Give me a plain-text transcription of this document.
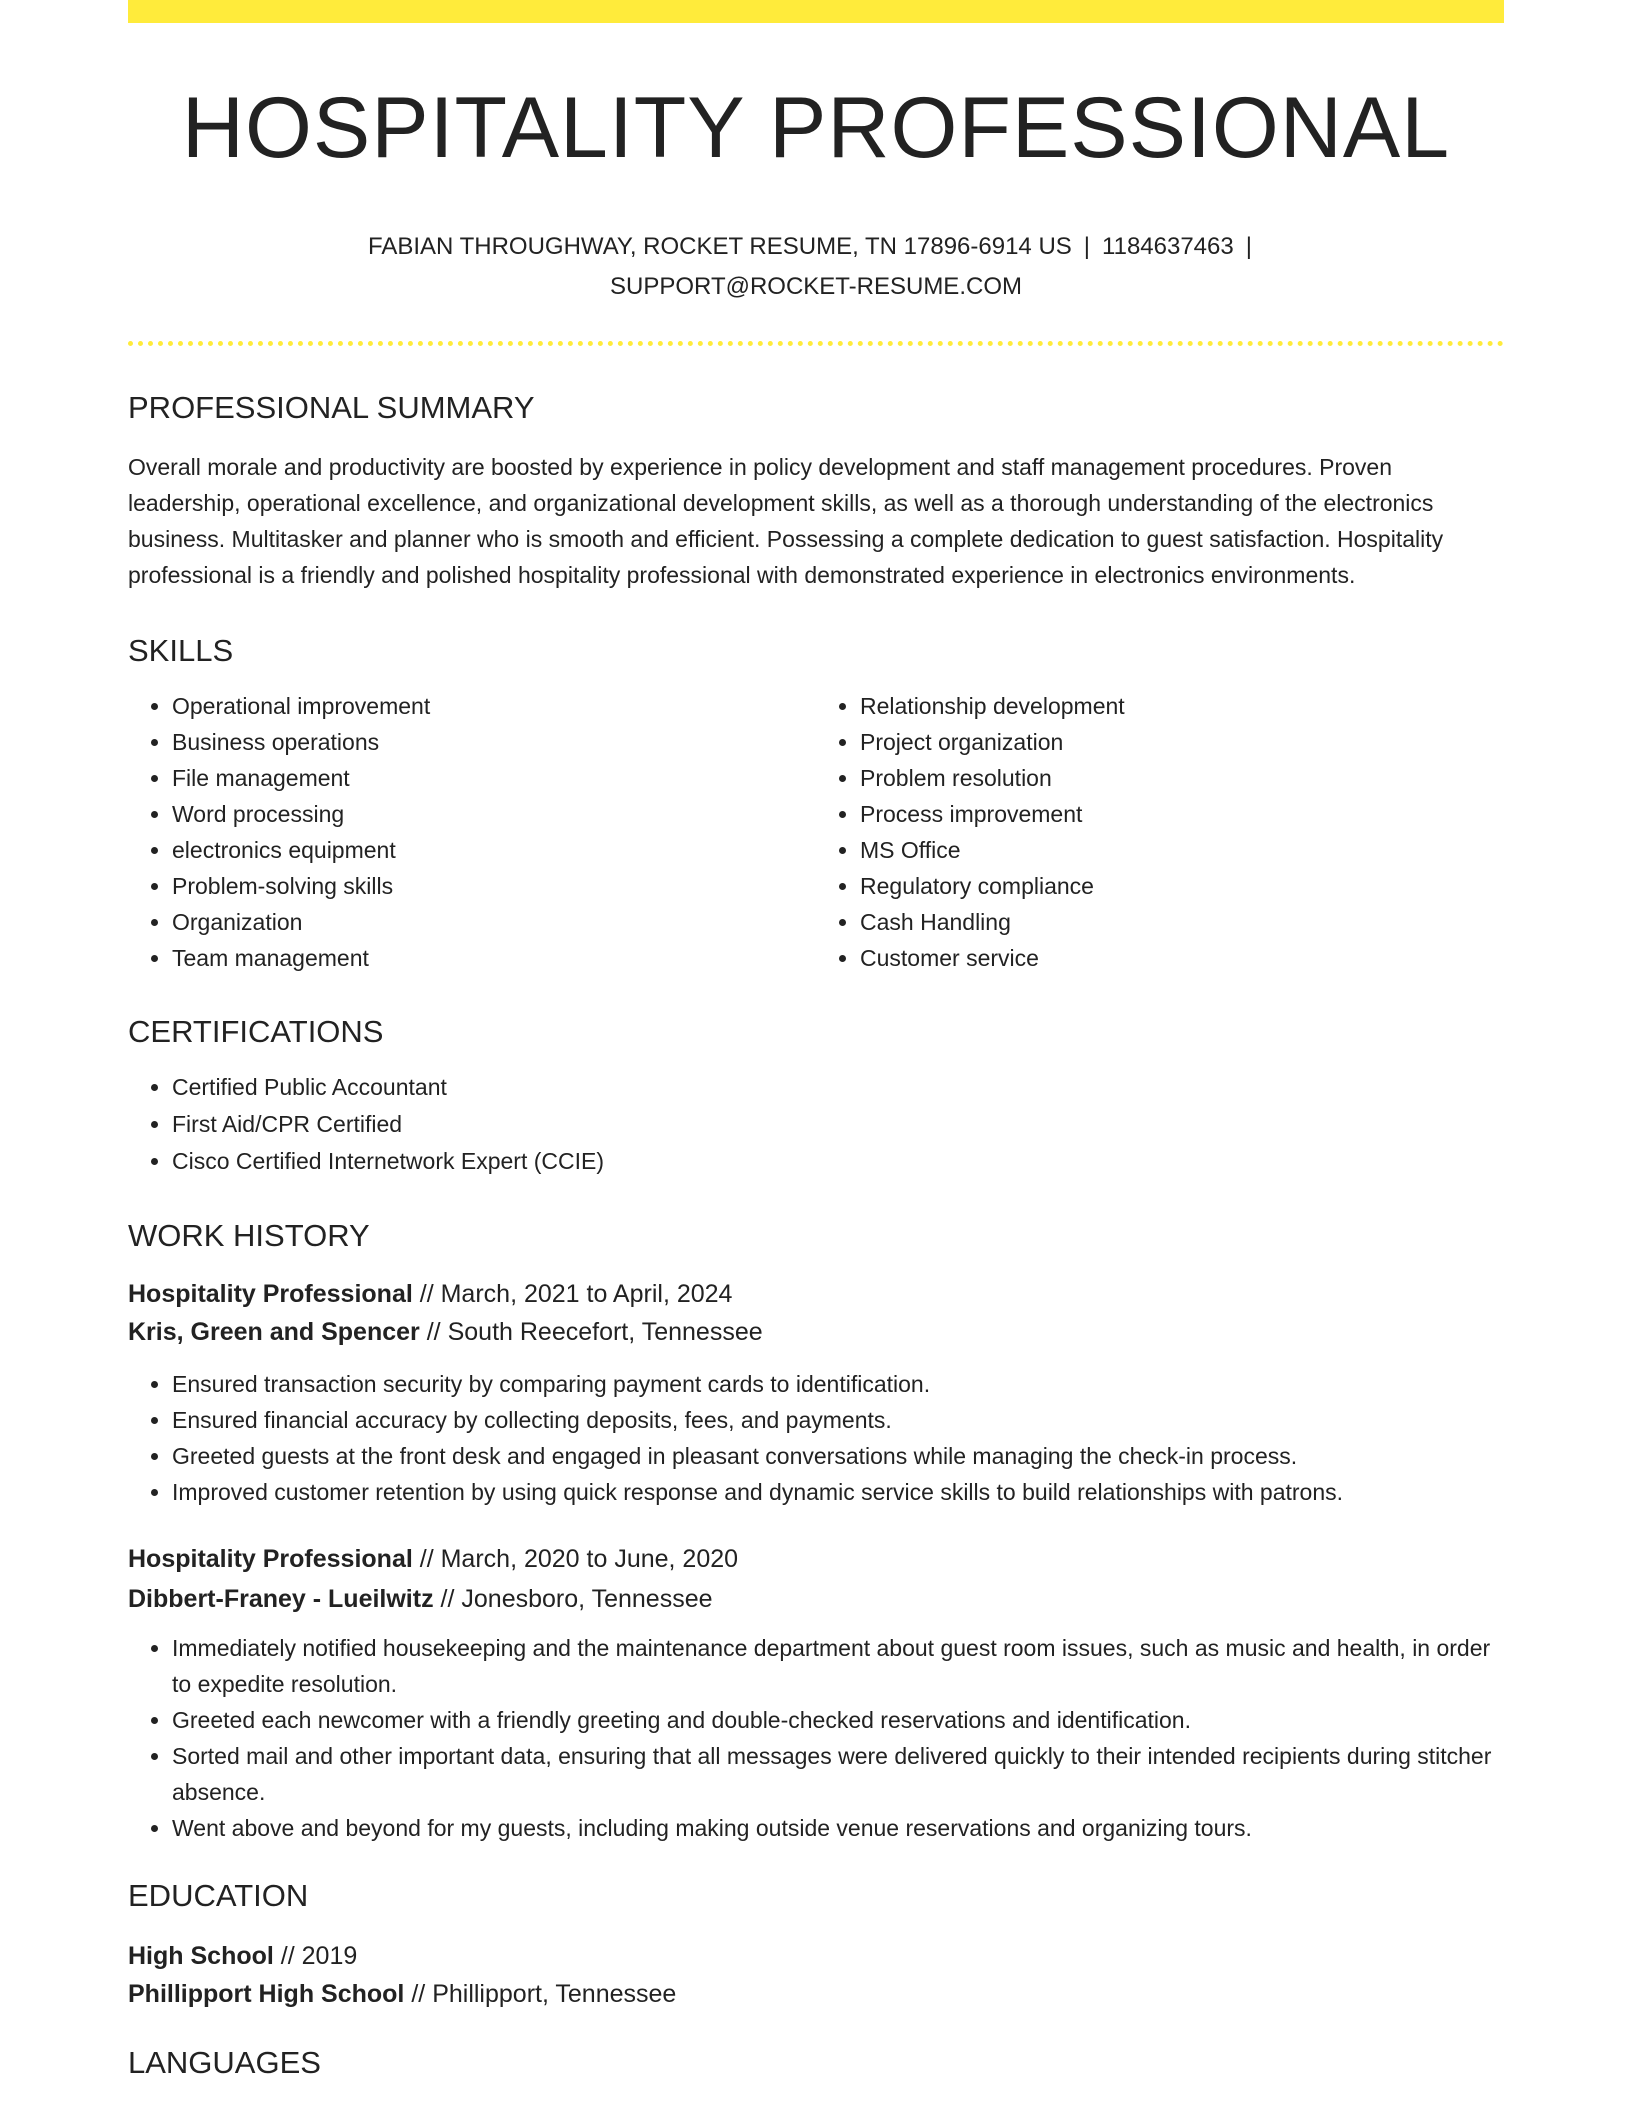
HOSPITALITY PROFESSIONAL
FABIAN THROUGHWAY, ROCKET RESUME, TN 17896-6914 US | 1184637463 |
SUPPORT@ROCKET-RESUME.COM
PROFESSIONAL SUMMARY
Overall morale and productivity are boosted by experience in policy development and staff management procedures. Proven leadership, operational excellence, and organizational development skills, as well as a thorough understanding of the electronics business. Multitasker and planner who is smooth and efficient. Possessing a complete dedication to guest satisfaction. Hospitality professional is a friendly and polished hospitality professional with demonstrated experience in electronics environments.
SKILLS
• Operational improvement
• Business operations
• File management
• Word processing
• electronics equipment
• Problem-solving skills
• Organization
• Team management
• Relationship development
• Project organization
• Problem resolution
• Process improvement
• MS Office
• Regulatory compliance
• Cash Handling
• Customer service
CERTIFICATIONS
• Certified Public Accountant
• First Aid/CPR Certified
• Cisco Certified Internetwork Expert (CCIE)
WORK HISTORY
Hospitality Professional // March, 2021 to April, 2024
Kris, Green and Spencer // South Reecefort, Tennessee
• Ensured transaction security by comparing payment cards to identification.
• Ensured financial accuracy by collecting deposits, fees, and payments.
• Greeted guests at the front desk and engaged in pleasant conversations while managing the check-in process.
• Improved customer retention by using quick response and dynamic service skills to build relationships with patrons.
Hospitality Professional // March, 2020 to June, 2020
Dibbert-Franey - Lueilwitz // Jonesboro, Tennessee
• Immediately notified housekeeping and the maintenance department about guest room issues, such as music and health, in order to expedite resolution.
• Greeted each newcomer with a friendly greeting and double-checked reservations and identification.
• Sorted mail and other important data, ensuring that all messages were delivered quickly to their intended recipients during stitcher absence.
• Went above and beyond for my guests, including making outside venue reservations and organizing tours.
EDUCATION
High School // 2019
Phillipport High School // Phillipport, Tennessee
LANGUAGES
